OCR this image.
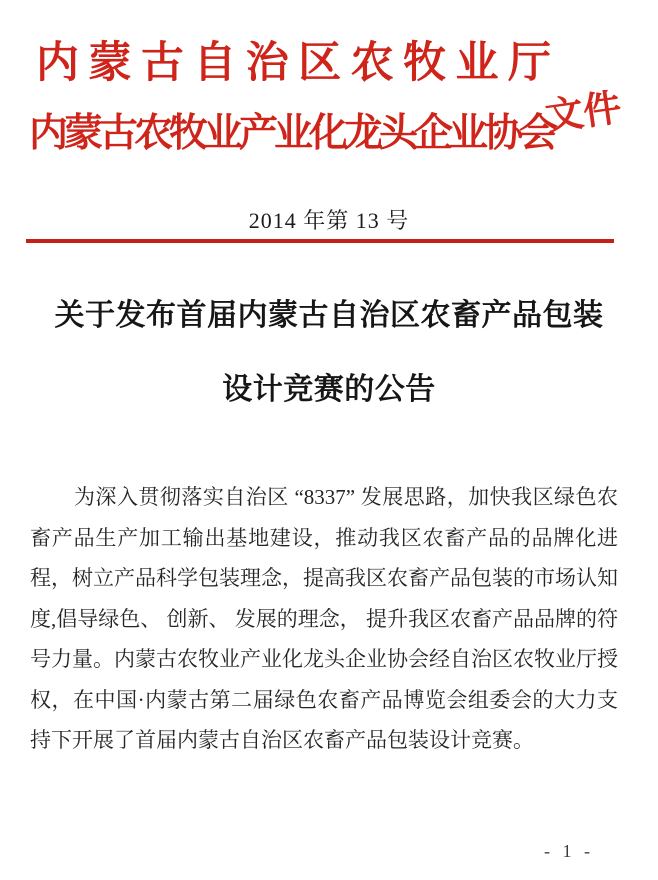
内蒙古自治区农牧业厅
文件
内蒙古农牧业产业化龙头企业协会
2014 年第 13 号
关于发布首届内蒙古自治区农畜产品包装
设计竞赛的公告
为深入贯彻落实自治区 “8337” 发展思路，加快我区绿色农
畜产品生产加工输出基地建设，推动我区农畜产品的品牌化进
程，树立产品科学包装理念，提高我区农畜产品包装的市场认知
度,倡导绿色、 创新、 发展的理念， 提升我区农畜产品品牌的符
号力量。内蒙古农牧业产业化龙头企业协会经自治区农牧业厅授
权，在中国·内蒙古第二届绿色农畜产品博览会组委会的大力支
持下开展了首届内蒙古自治区农畜产品包装设计竞赛。
- 1 -
